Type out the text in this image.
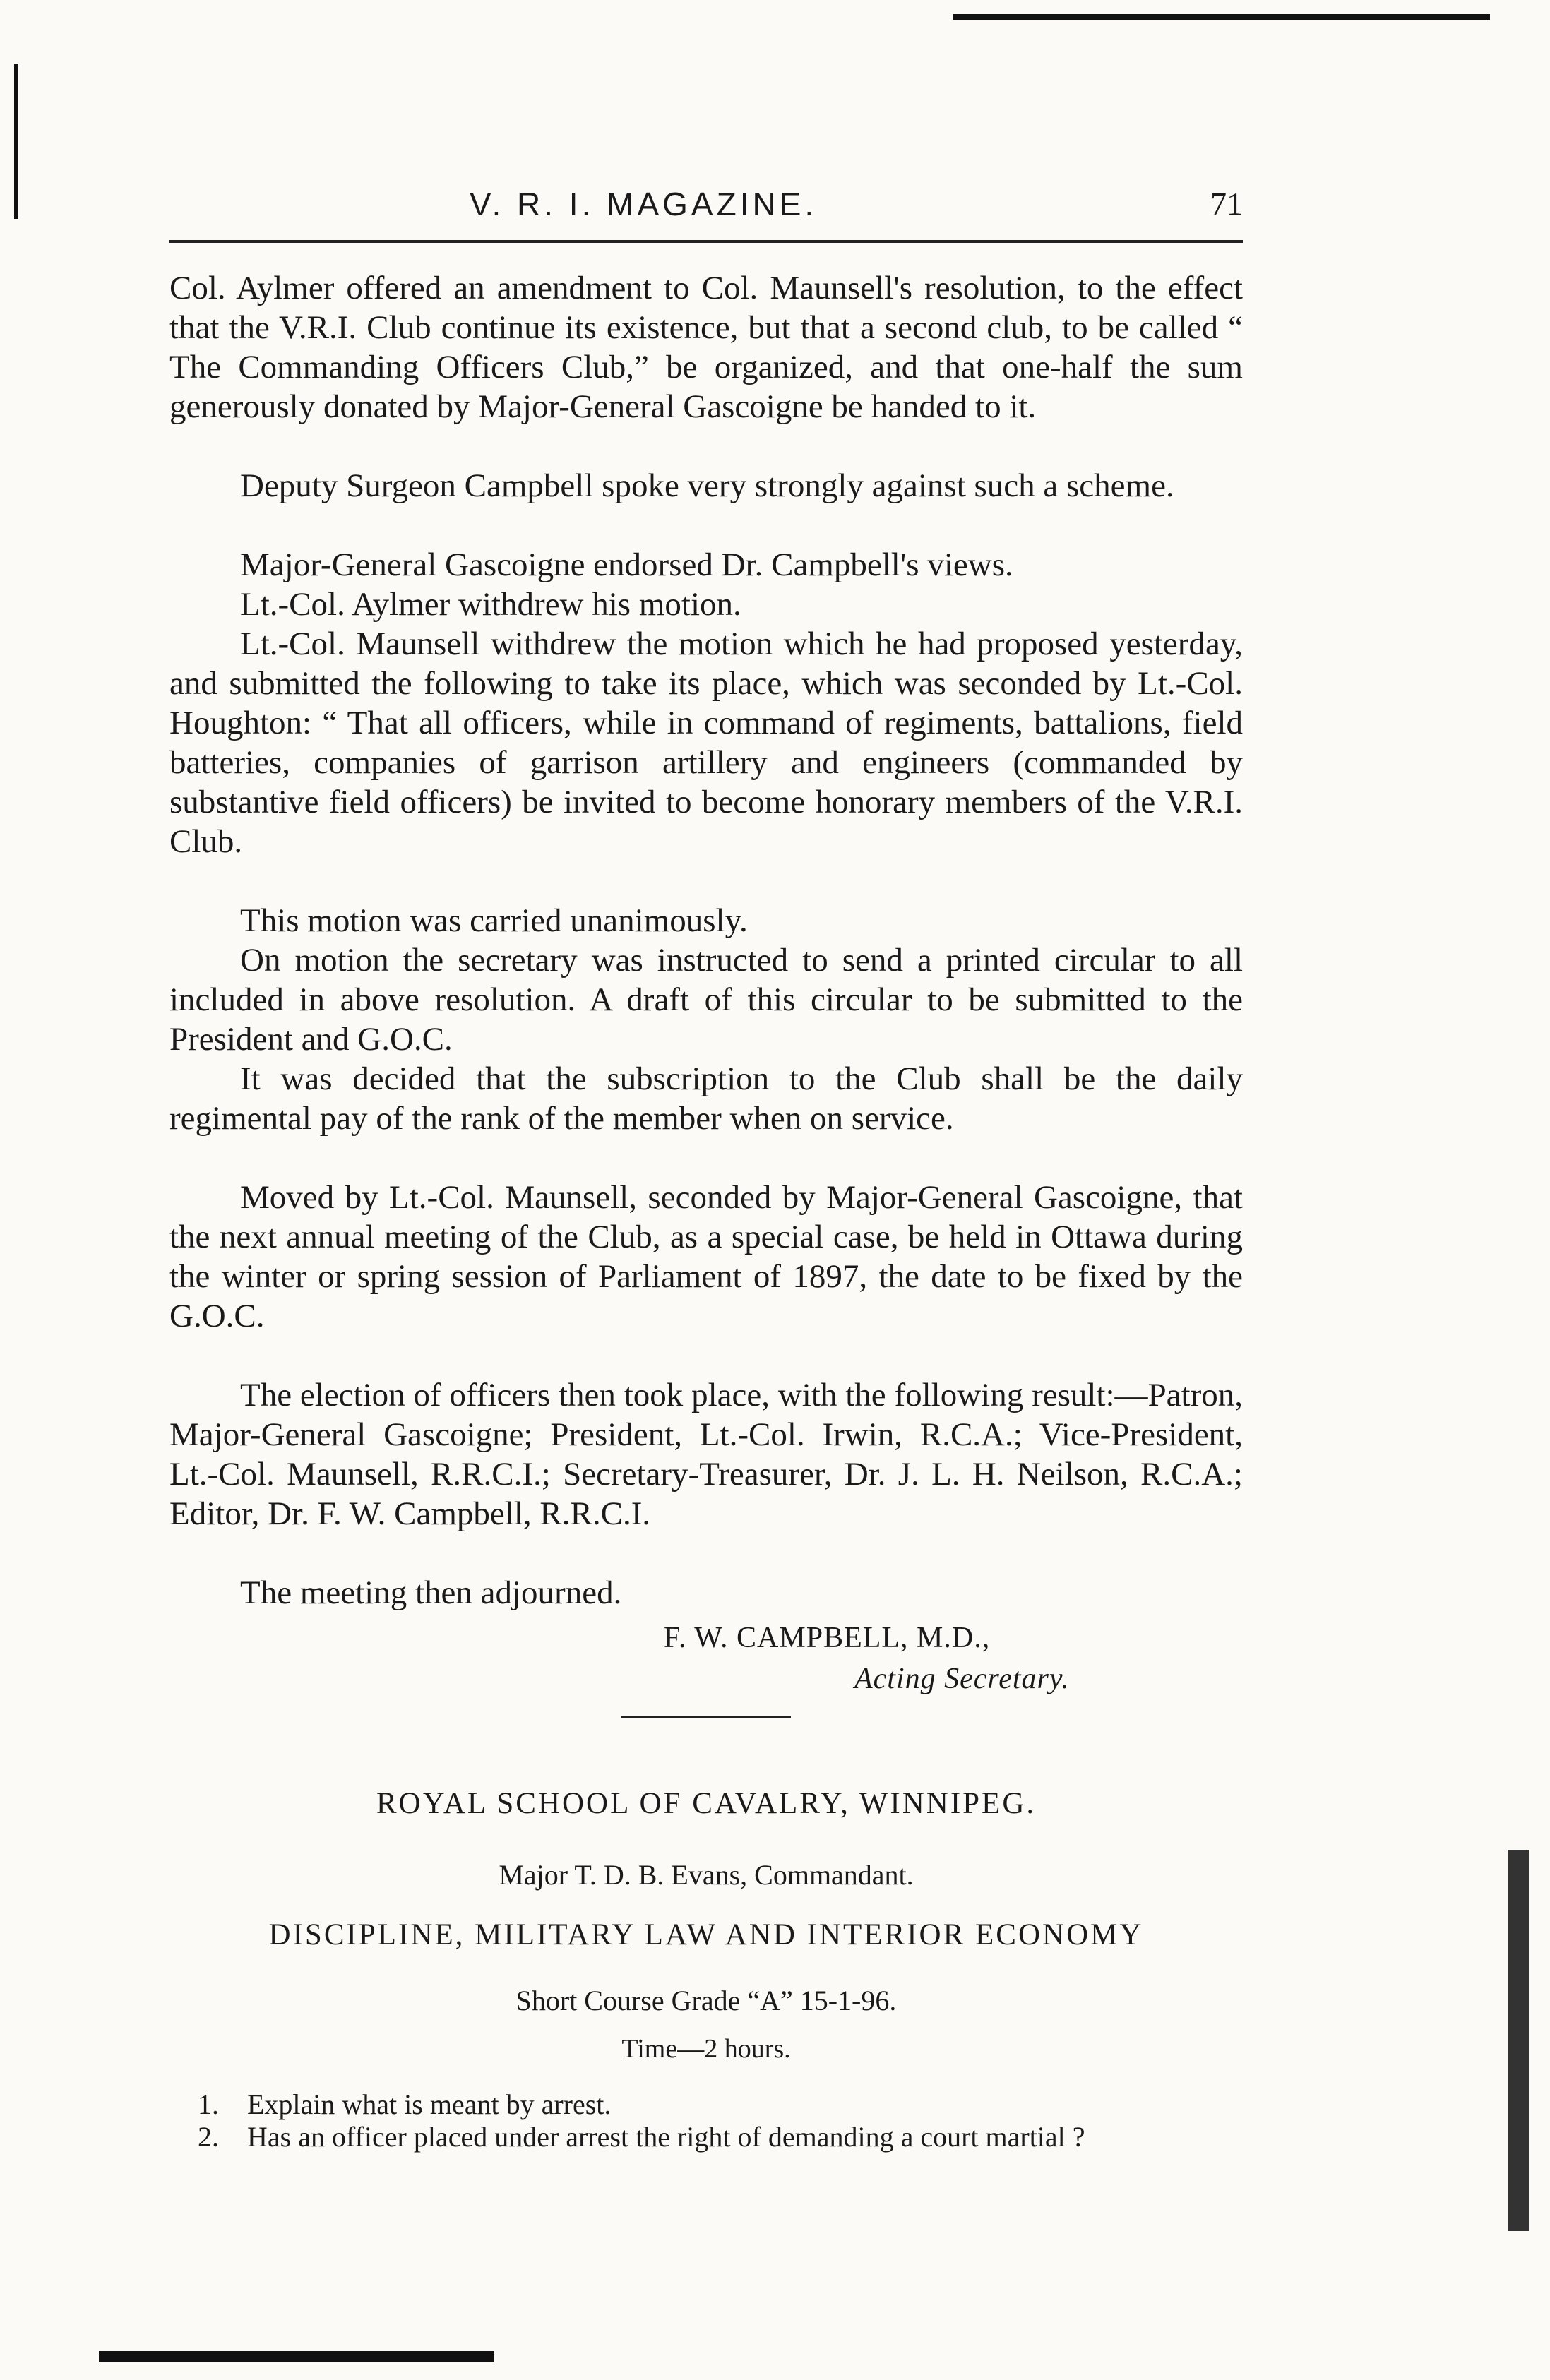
V. R. I. MAGAZINE.	71

Col. Aylmer offered an amendment to Col. Maunsell's resolution, to the effect that the V.R.I. Club continue its existence, but that a second club, to be called “ The Commanding Officers Club,” be organized, and that one-half the sum generously donated by Major-General Gascoigne be handed to it.

Deputy Surgeon Campbell spoke very strongly against such a scheme.

Major-General Gascoigne endorsed Dr. Campbell's views.

Lt.-Col. Aylmer withdrew his motion.

Lt.-Col. Maunsell withdrew the motion which he had proposed yesterday, and submitted the following to take its place, which was seconded by Lt.-Col. Houghton: “ That all officers, while in command of regiments, battalions, field batteries, companies of garrison artillery and engineers (commanded by substantive field officers) be invited to become honorary members of the V.R.I. Club.

This motion was carried unanimously.

On motion the secretary was instructed to send a printed circular to all included in above resolution. A draft of this circular to be submitted to the President and G.O.C.

It was decided that the subscription to the Club shall be the daily regimental pay of the rank of the member when on service.

Moved by Lt.-Col. Maunsell, seconded by Major-General Gascoigne, that the next annual meeting of the Club, as a special case, be held in Ottawa during the winter or spring session of Parliament of 1897, the date to be fixed by the G.O.C.

The election of officers then took place, with the following result:—Patron, Major-General Gascoigne; President, Lt.-Col. Irwin, R.C.A.; Vice-President, Lt.-Col. Maunsell, R.R.C.I.; Secretary-Treasurer, Dr. J. L. H. Neilson, R.C.A.; Editor, Dr. F. W. Campbell, R.R.C.I.

The meeting then adjourned.

F. W. CAMPBELL, M.D.,
Acting Secretary.
ROYAL SCHOOL OF CAVALRY, WINNIPEG.
Major T. D. B. Evans, Commandant.
DISCIPLINE, MILITARY LAW AND INTERIOR ECONOMY
Short Course Grade “A” 15-1-96.
Time—2 hours.
1. Explain what is meant by arrest.
2. Has an officer placed under arrest the right of demanding a court martial ?
